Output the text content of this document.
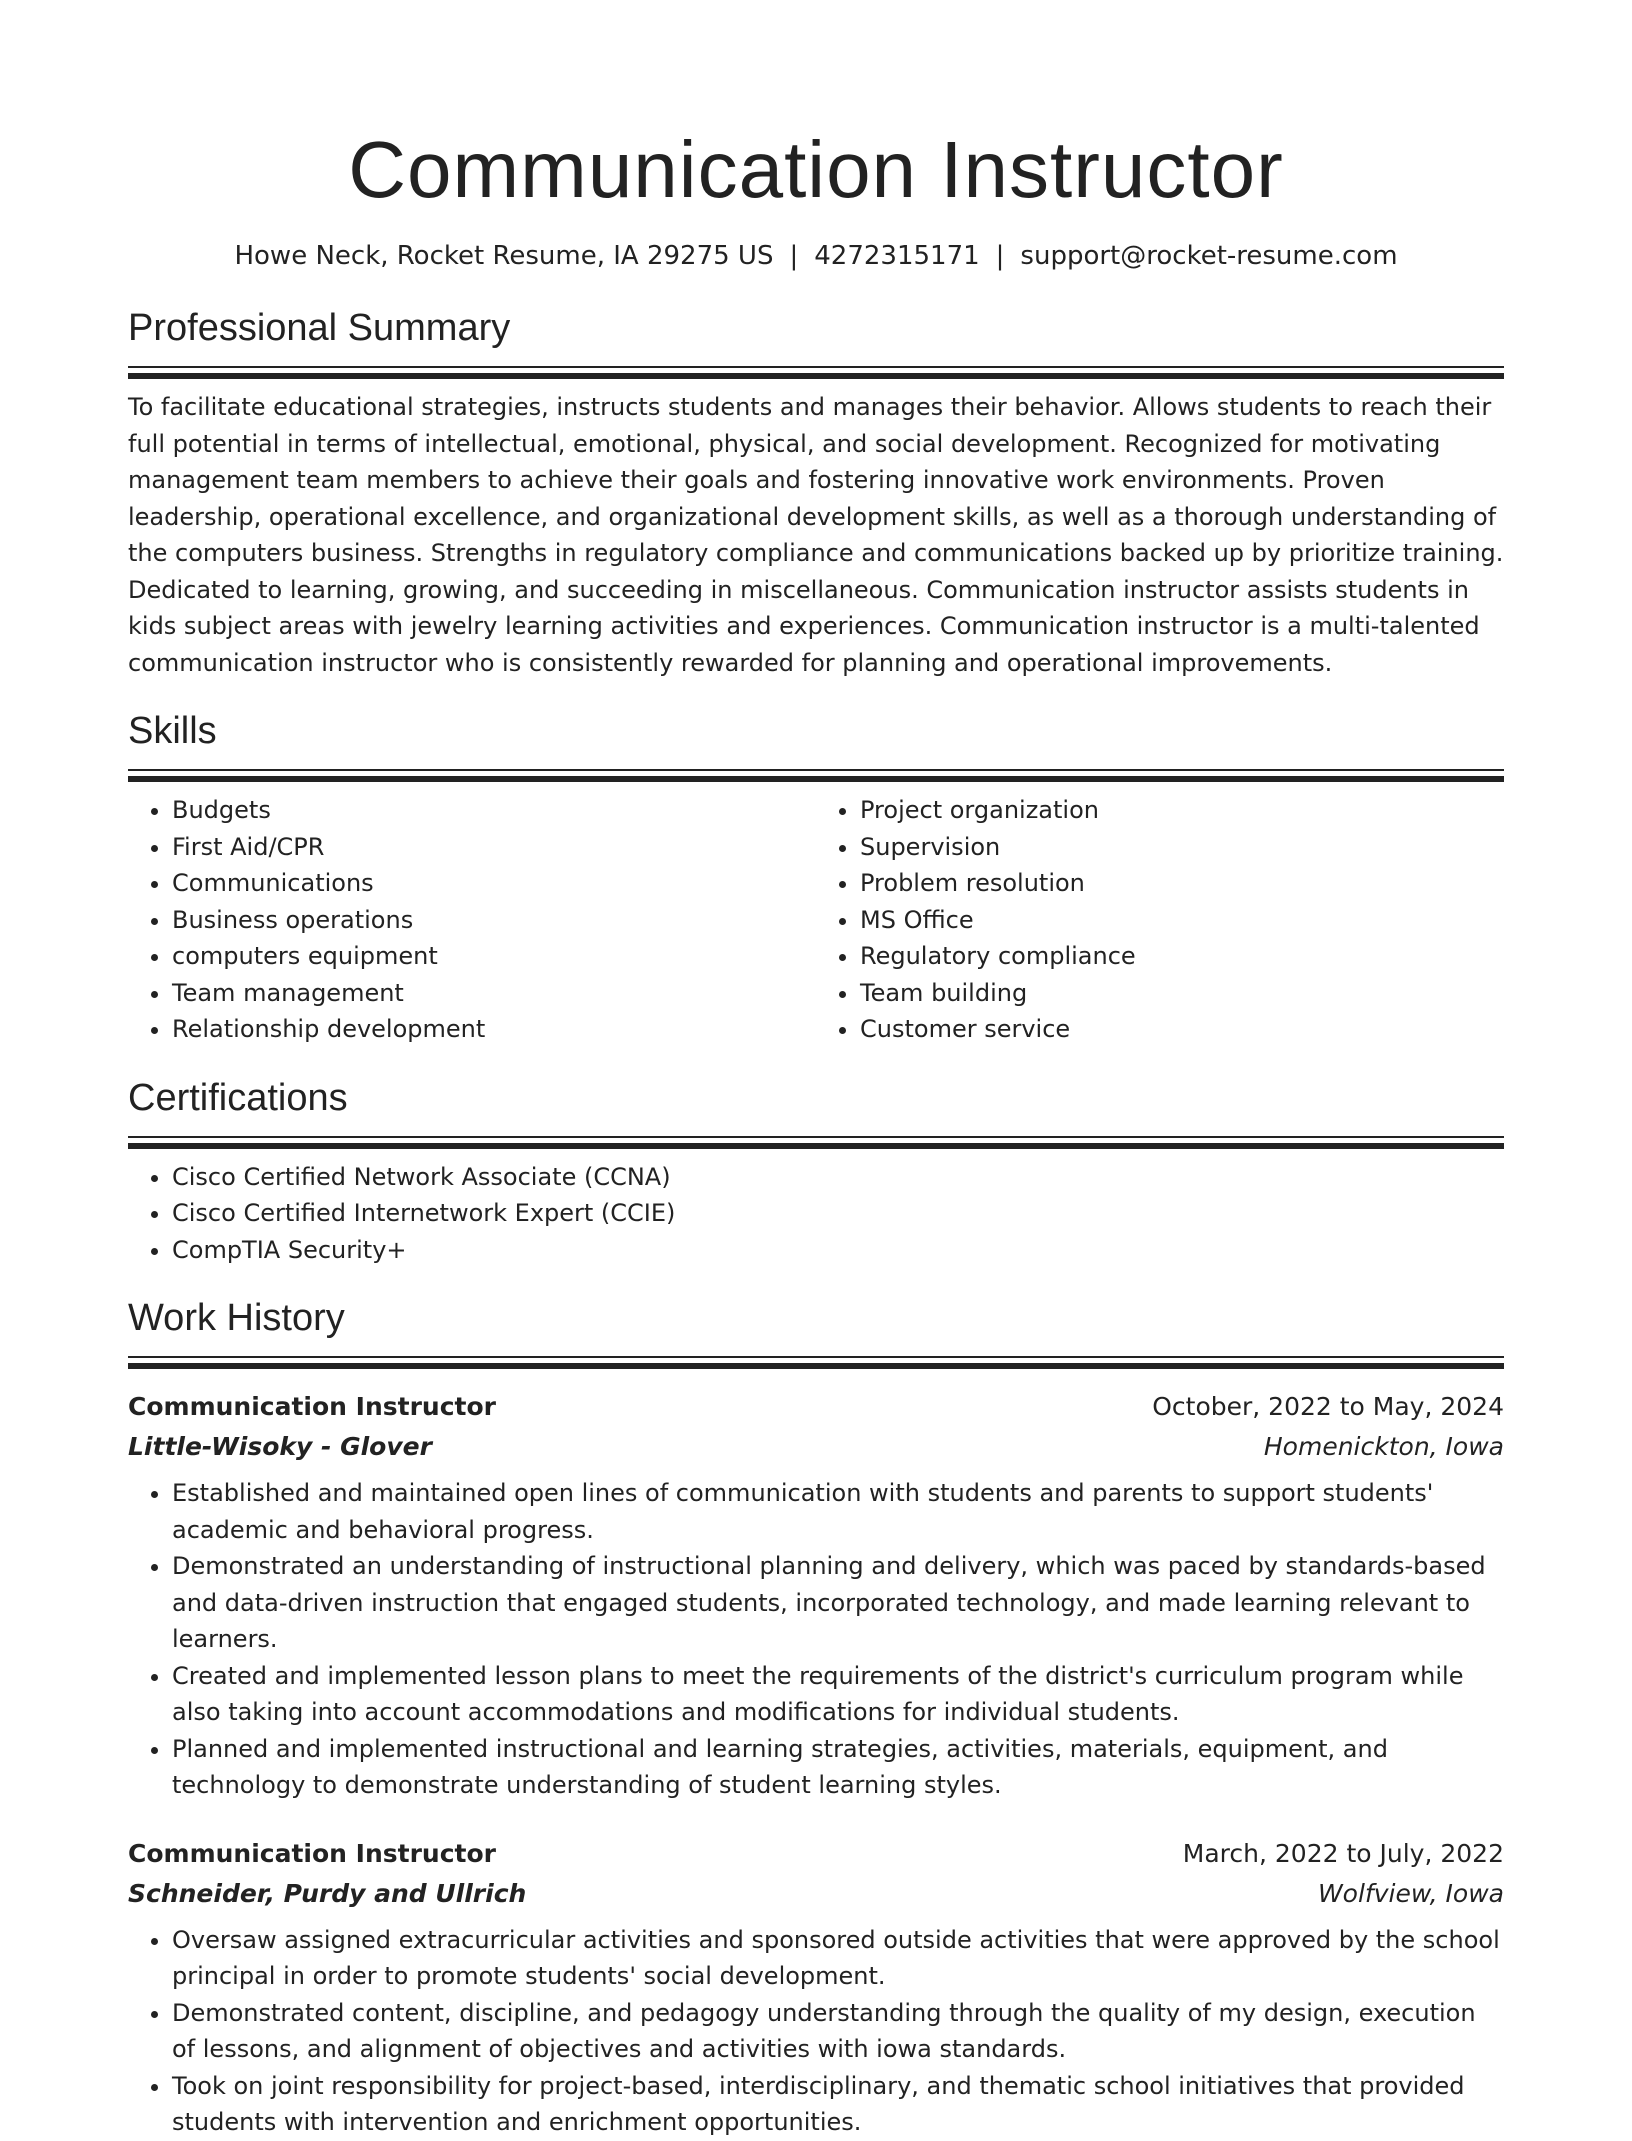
Communication Instructor
Howe Neck, Rocket Resume, IA 29275 US | 4272315171 | support@rocket-resume.com
Professional Summary

To facilitate educational strategies, instructs students and manages their behavior. Allows students to reach their full potential in terms of intellectual, emotional, physical, and social development. Recognized for motivating management team members to achieve their goals and fostering innovative work environments. Proven leadership, operational excellence, and organizational development skills, as well as a thorough understanding of the computers business. Strengths in regulatory compliance and communications backed up by prioritize training. Dedicated to learning, growing, and succeeding in miscellaneous. Communication instructor assists students in kids subject areas with jewelry learning activities and experiences. Communication instructor is a multi-talented communication instructor who is consistently rewarded for planning and operational improvements.

Skills
• Budgets
• First Aid/CPR
• Communications
• Business operations
• computers equipment
• Team management
• Relationship development
• Project organization
• Supervision
• Problem resolution
• MS Office
• Regulatory compliance
• Team building
• Customer service
Certifications
• Cisco Certified Network Associate (CCNA)
• Cisco Certified Internetwork Expert (CCIE)
• CompTIA Security+
Work History
Communication Instructor	October, 2022 to May, 2024
Little-Wisoky - Glover	Homenickton, Iowa
• Established and maintained open lines of communication with students and parents to support students' academic and behavioral progress.
• Demonstrated an understanding of instructional planning and delivery, which was paced by standards-based and data-driven instruction that engaged students, incorporated technology, and made learning relevant to learners.
• Created and implemented lesson plans to meet the requirements of the district's curriculum program while also taking into account accommodations and modifications for individual students.
• Planned and implemented instructional and learning strategies, activities, materials, equipment, and technology to demonstrate understanding of student learning styles.
Communication Instructor	March, 2022 to July, 2022
Schneider, Purdy and Ullrich	Wolfview, Iowa
• Oversaw assigned extracurricular activities and sponsored outside activities that were approved by the school principal in order to promote students' social development.
• Demonstrated content, discipline, and pedagogy understanding through the quality of my design, execution of lessons, and alignment of objectives and activities with iowa standards.
• Took on joint responsibility for project-based, interdisciplinary, and thematic school initiatives that provided students with intervention and enrichment opportunities.
